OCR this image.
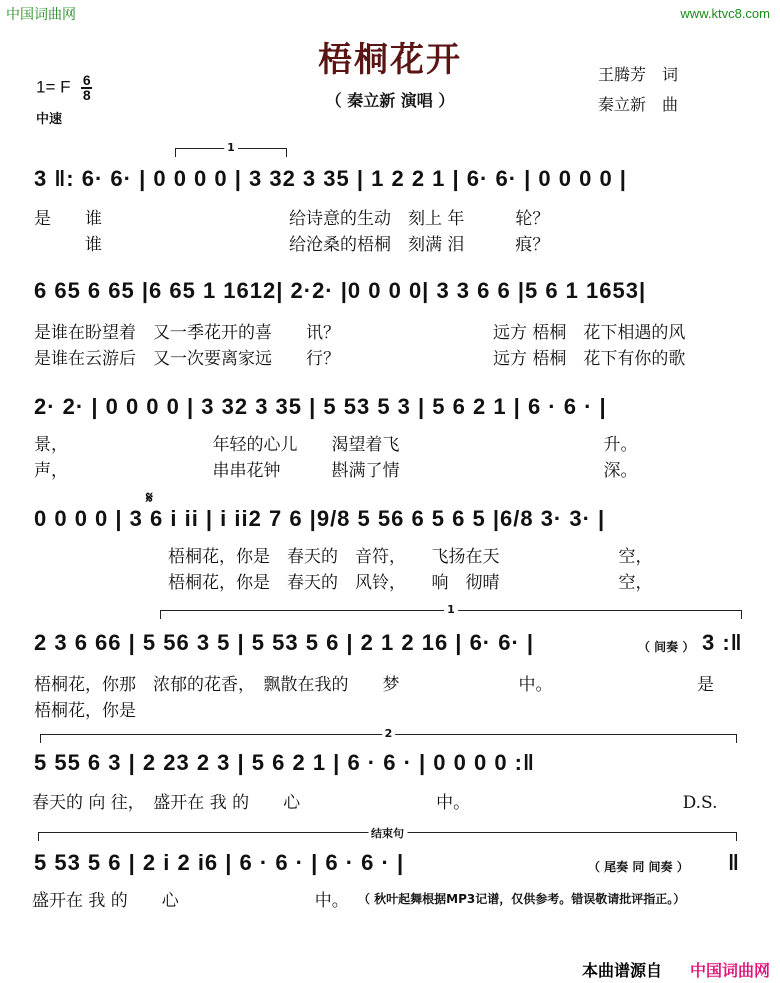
中国词曲网	www.ktvc8.com
梧桐花开
（ 秦立新 演唱 ）
1= F $\frac{6}{8}$
中速
王腾芳　词
秦立新　曲
1
3 ‖: 6· 6· | 0 0 0 0 | 3 32 3 35 | 1 2 2 1 | 6· 6· | 0 0 0 0 |
是　　谁　　　　　　　　　　　给诗意的生动　刻上 年　　　轮？
　　　谁　　　　　　　　　　　给沧桑的梧桐　刻满 泪　　　痕？
6 65 6 65 |6 65 1 1612| 2·2· |0 0 0 0| 3 3 6 6 |5 6 1 1653|
是谁在盼望着　又一季花开的喜　　讯？　　　　　　　　　远方 梧桐　花下相遇的风
是谁在云游后　又一次要离家远　　行？　　　　　　　　　远方 梧桐　花下有你的歌
2· 2· | 0 0 0 0 | 3 32 3 35 | 5 53 5 3 | 5 6 2 1 | 6 · 6 · |
景，　　　　　　　　　年轻的心儿　　渴望着飞　　　　　　　　　　　　升。
声，　　　　　　　　　串串花钟　　　斟满了情　　　　　　　　　　　　深。
𝄋
0 0 0 0 | 3 6 i ii | i ii2 7 6 |9/8 5 56 6 5 6 5 |6/8 3· 3· |
梧桐花，你是　春天的　音符，　　飞扬在天　　　　　　　空，
梧桐花，你是　春天的　风铃，　　响　彻晴　　　　　　　空，
1
2 3 6 66 | 5 56 3 5 | 5 53 5 6 | 2 1 2 16 | 6· 6· |	（ 间奏 ） 3 :‖
梧桐花，你那　浓郁的花香，　飘散在我的　　梦　　　　　　　中。　　　　　　　　　是
梧桐花，你是
2
5 55 6 3 | 2 23 2 3 | 5 6 2 1 | 6 · 6 · | 0 0 0 0 :‖
春天的 向 往，　盛开在 我 的　　心　　　　　　　　中。　　　　　　　　　　　　　D.S.
结束句
5 53 5 6 | 2 i 2 i6 | 6 · 6 · | 6 · 6 · |	（ 尾奏 同 间奏 ） ‖
盛开在 我 的　　心　　　　　　　　中。 （ 秋叶起舞根据MP3记谱，仅供参考。错误敬请批评指正。）
本曲谱源自 中国词曲网
